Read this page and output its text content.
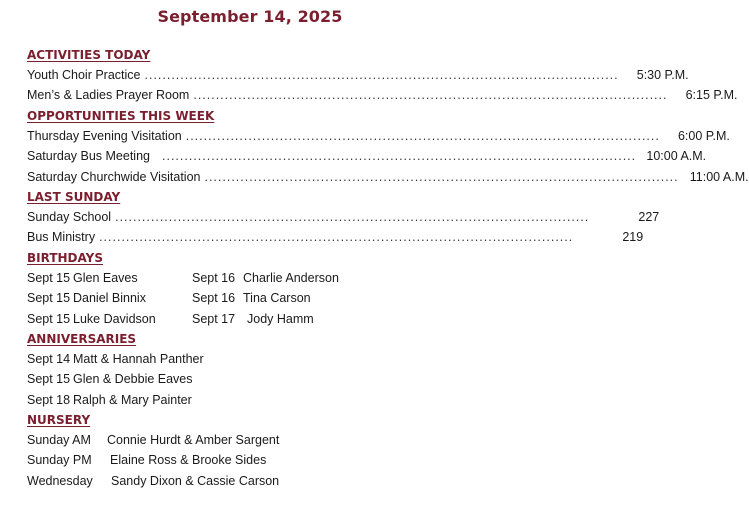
September 14, 2025
ACTIVITIES TODAY
Youth Choir Practice ..........................................................................................................	5:30 P.M.
Men’s & Ladies Prayer Room ..........................................................................................................	6:15 P.M.
OPPORTUNITIES THIS WEEK
Thursday Evening Visitation ..........................................................................................................	6:00 P.M.
Saturday Bus Meeting .......................................................................................................... 10:00 A.M.
Saturday Churchwide Visitation .......................................................................................................... 11:00 A.M.
LAST SUNDAY
Sunday School ..........................................................................................................	227
Bus Ministry ..........................................................................................................	219
BIRTHDAYS
Sept 15 Glen Eaves	Sept 16 Charlie Anderson
Sept 15 Daniel Binnix	Sept 16 Tina Carson
Sept 15 Luke Davidson	Sept 17 Jody Hamm
ANNIVERSARIES
Sept 14 Matt & Hannah Panther
Sept 15 Glen & Debbie Eaves
Sept 18 Ralph & Mary Painter
NURSERY
Sunday AM Connie Hurdt & Amber Sargent
Sunday PM Elaine Ross & Brooke Sides
Wednesday Sandy Dixon & Cassie Carson
